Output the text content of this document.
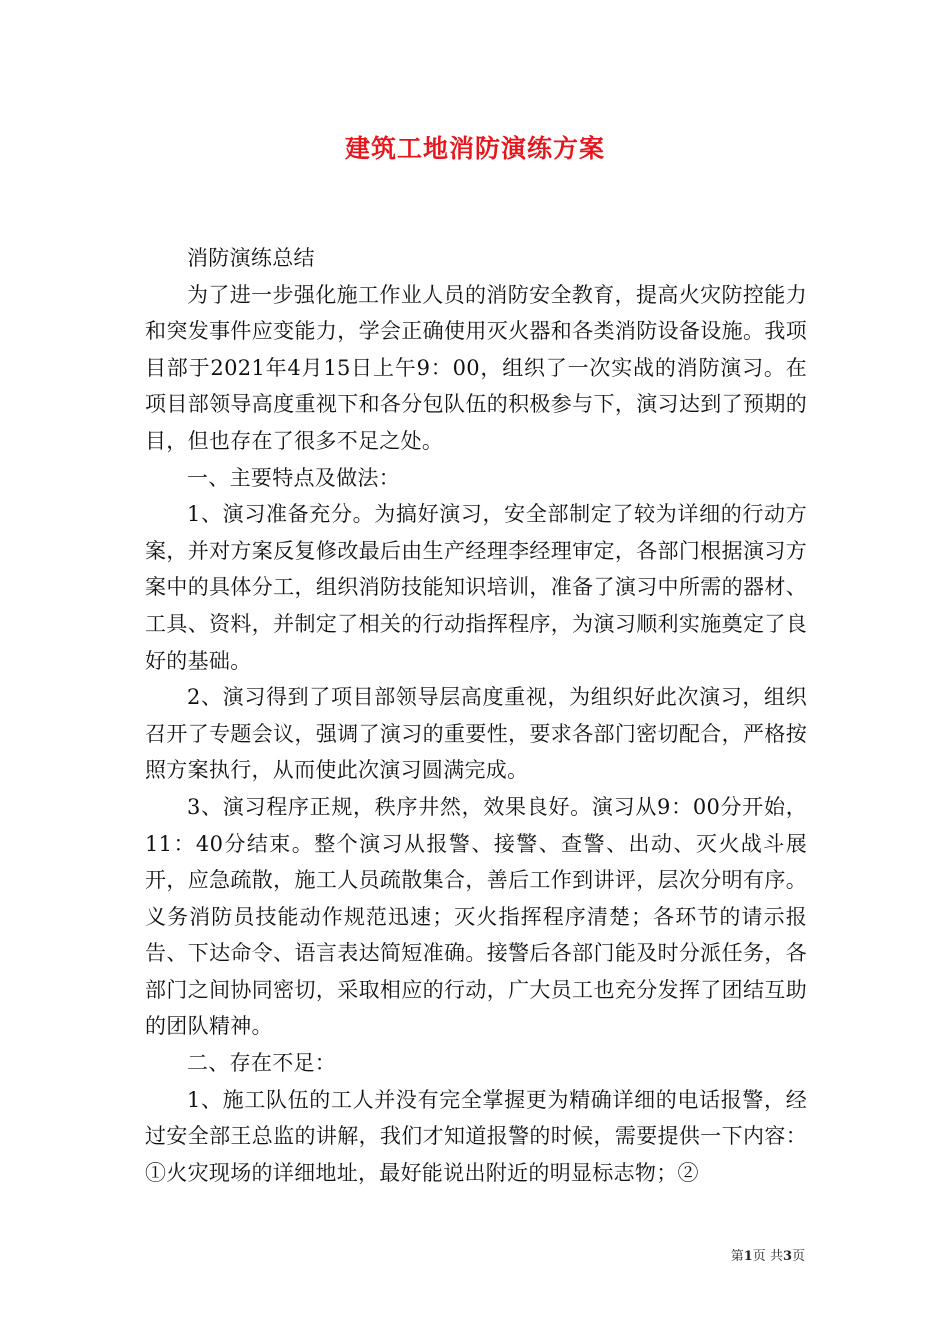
建筑工地消防演练方案

消防演练总结

为了进一步强化施工作业人员的消防安全教育，提高火灾防控能力和突发事件应变能力，学会正确使用灭火器和各类消防设备设施。我项目部于2021年4月15日上午9：00，组织了一次实战的消防演习。在项目部领导高度重视下和各分包队伍的积极参与下，演习达到了预期的目，但也存在了很多不足之处。

一、主要特点及做法：

1、演习准备充分。为搞好演习，安全部制定了较为详细的行动方案，并对方案反复修改最后由生产经理李经理审定，各部门根据演习方案中的具体分工，组织消防技能知识培训，准备了演习中所需的器材、工具、资料，并制定了相关的行动指挥程序，为演习顺利实施奠定了良好的基础。

2、演习得到了项目部领导层高度重视，为组织好此次演习，组织召开了专题会议，强调了演习的重要性，要求各部门密切配合，严格按照方案执行，从而使此次演习圆满完成。

3、演习程序正规，秩序井然，效果良好。演习从9：00分开始，11：40分结束。整个演习从报警、接警、查警、出动、灭火战斗展开，应急疏散，施工人员疏散集合，善后工作到讲评，层次分明有序。义务消防员技能动作规范迅速；灭火指挥程序清楚；各环节的请示报告、下达命令、语言表达简短准确。接警后各部门能及时分派任务，各部门之间协同密切，采取相应的行动，广大员工也充分发挥了团结互助的团队精神。

二、存在不足：

1、施工队伍的工人并没有完全掌握更为精确详细的电话报警，经过安全部王总监的讲解，我们才知道报警的时候，需要提供一下内容：①火灾现场的详细地址，最好能说出附近的明显标志物；②

第1页 共3页
